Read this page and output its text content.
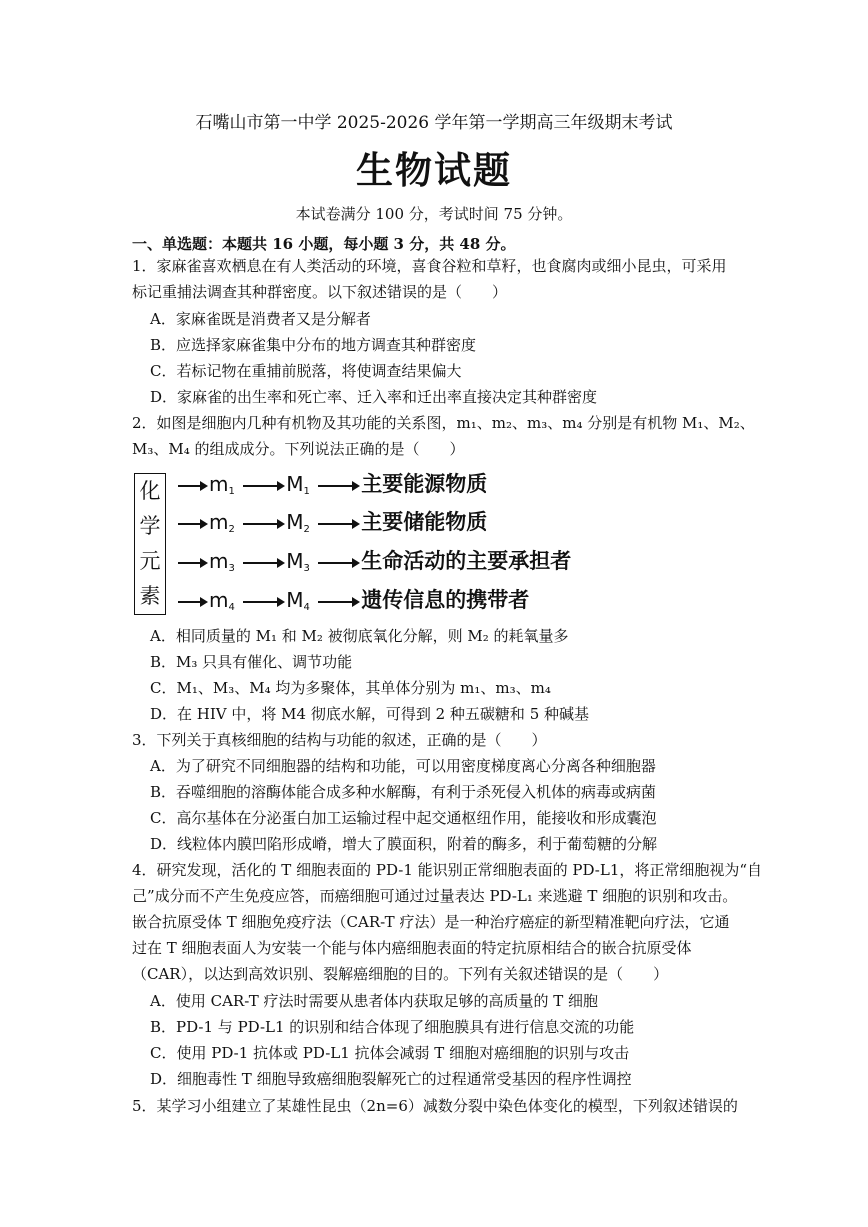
石嘴山市第一中学 2025-2026 学年第一学期高三年级期末考试
生物试题
本试卷满分 100 分，考试时间 75 分钟。
一、单选题：本题共 16 小题，每小题 3 分，共 48 分。
1．家麻雀喜欢栖息在有人类活动的环境，喜食谷粒和草籽，也食腐肉或细小昆虫，可采用
标记重捕法调查其种群密度。以下叙述错误的是（　　）
A．家麻雀既是消费者又是分解者
B．应选择家麻雀集中分布的地方调查其种群密度
C．若标记物在重捕前脱落，将使调查结果偏大
D．家麻雀的出生率和死亡率、迁入率和迁出率直接决定其种群密度
2．如图是细胞内几种有机物及其功能的关系图，m₁、m₂、m₃、m₄ 分别是有机物 M₁、M₂、
M₃、M₄ 的组成成分。下列说法正确的是（　　）
化
学
元
素
$m_1$	$M_1$ 主要能源物质
$m_2$	$M_2$ 主要储能物质
$m_3$	$M_3$ 生命活动的主要承担者
$m_4$	$M_4$ 遗传信息的携带者
A．相同质量的 M₁ 和 M₂ 被彻底氧化分解，则 M₂ 的耗氧量多
B．M₃ 只具有催化、调节功能
C．M₁、M₃、M₄ 均为多聚体，其单体分别为 m₁、m₃、m₄
D．在 HIV 中，将 M4 彻底水解，可得到 2 种五碳糖和 5 种碱基
3．下列关于真核细胞的结构与功能的叙述，正确的是（　　）
A．为了研究不同细胞器的结构和功能，可以用密度梯度离心分离各种细胞器
B．吞噬细胞的溶酶体能合成多种水解酶，有利于杀死侵入机体的病毒或病菌
C．高尔基体在分泌蛋白加工运输过程中起交通枢纽作用，能接收和形成囊泡
D．线粒体内膜凹陷形成嵴，增大了膜面积，附着的酶多，利于葡萄糖的分解
4．研究发现，活化的 T 细胞表面的 PD-1 能识别正常细胞表面的 PD-L1，将正常细胞视为“自
己”成分而不产生免疫应答，而癌细胞可通过过量表达 PD-L₁ 来逃避 T 细胞的识别和攻击。
嵌合抗原受体 T 细胞免疫疗法（CAR-T 疗法）是一种治疗癌症的新型精准靶向疗法，它通
过在 T 细胞表面人为安装一个能与体内癌细胞表面的特定抗原相结合的嵌合抗原受体
（CAR），以达到高效识别、裂解癌细胞的目的。下列有关叙述错误的是（　　）
A．使用 CAR-T 疗法时需要从患者体内获取足够的高质量的 T 细胞
B．PD-1 与 PD-L1 的识别和结合体现了细胞膜具有进行信息交流的功能
C．使用 PD-1 抗体或 PD-L1 抗体会减弱 T 细胞对癌细胞的识别与攻击
D．细胞毒性 T 细胞导致癌细胞裂解死亡的过程通常受基因的程序性调控
5．某学习小组建立了某雄性昆虫（2n=6）减数分裂中染色体变化的模型，下列叙述错误的
